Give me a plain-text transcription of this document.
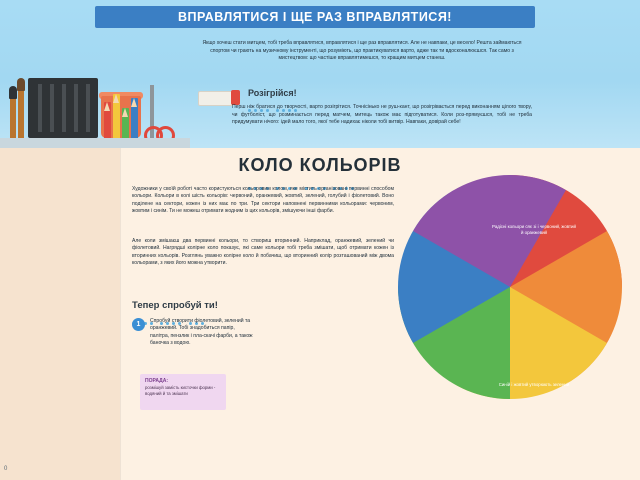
ВПРАВЛЯТИСЯ І ЩЕ РАЗ ВПРАВЛЯТИСЯ!
Якщо хочеш стати митцем, тобі треба вправлятися, вправлятися і ще раз вправлятися. Але не навпаки, це весело! Решта займаються спортом чи грають на музичному інструменті, що розуміють, що практикуватися варто, адже так ти вдосконалюєшся. Так само з мистецтвом: що частіше вправлятимешся, то кращим митцем станеш.
Розігрійся!

Перш ніж братися до творчості, варто розігрітися. Точнісінько не руш-кант, що розігрівається перед виконанням цілого твору, чи футболіст, що розминається перед матчем, митець також має підготуватися. Коли роз-прямуєшся, тобі не треба придумувати нічого: ідей мало того, якої тебе надихає ніколи тобі витвір. Навпаки, довірай себе!
КОЛО КОЛЬОРІВ

Художники у своїй роботі часто користуються кольоровим колом, яке містить організовані первинні способом кольори. Кольори в колі шість кольорів: червоний, оранжевий, жовтий, зелений, голубий і фіолетовий. Воно поділене на сектори, кожен із них має по три. Три сектори наповнені первинними кольорами: червоним, жовтим і синім. Ти не можеш отримати жодним із цих кольорів, змішуючи інші фарби.
Але коли змішаєш два первинні кольори, то створиш вторинний. Наприклад, оранжевий, зелений чи фіолетовий. Нагрядші колірне коло показує, які саме кольори тобі треба змішати, щоб отримати кожен із вторинних кольорів. Розглянь уважно колірне коло й побачиш, що вторинний колір розташований між двома кольорами, з яких його можна утворити.
Тепер спробуй ти!

1	Спробуй створити фіолетовий, зелений та оранжевий. Тобі знадобиться папір, палітра, пензлик і пла-скачі фарби, а також баночка з водою.
ПОРАДА:
розмішуй замість кисточки форми - водяний й та змішати
Радісні кольори сяє зі і червоний, жовтий й оранжевий
Синій і жовтий утворюють зелений
0
